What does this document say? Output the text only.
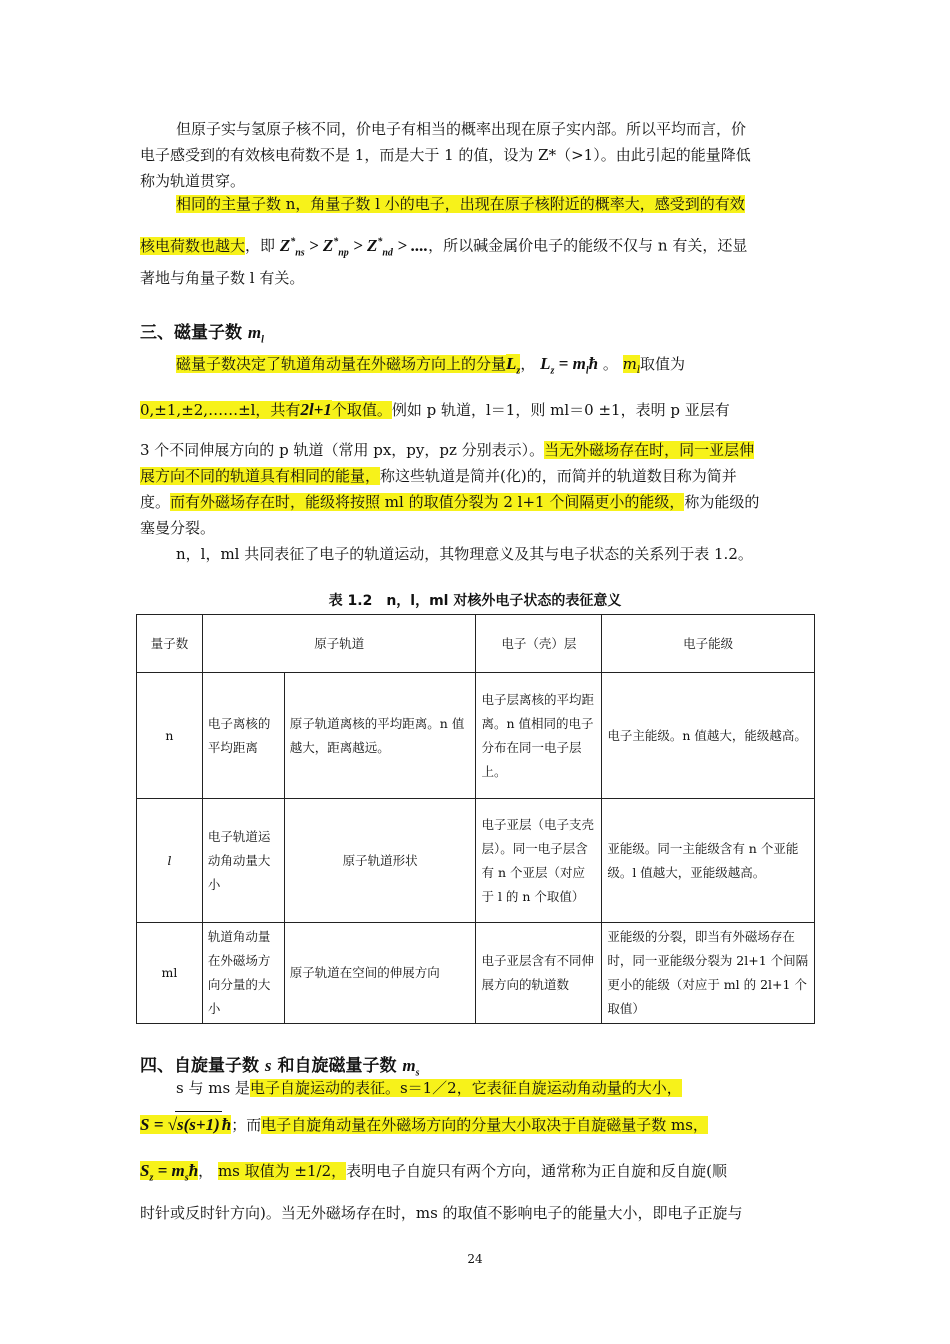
但原子实与氢原子核不同，价电子有相当的概率出现在原子实内部。所以平均而言，价
电子感受到的有效核电荷数不是 1，而是大于 1 的值，设为 Z*（>1）。由此引起的能量降低
称为轨道贯穿。
相同的主量子数 n，角量子数 l 小的电子，出现在原子核附近的概率大，感受到的有效
核电荷数也越大，即 $Z^*_{ns} > Z^*_{np} > Z^*_{nd}$ > ....，所以碱金属价电子的能级不仅与 n 有关，还显
著地与角量子数 l 有关。
三、磁量子数 $m_l$
磁量子数决定了轨道角动量在外磁场方向上的分量$L_z$， $L_z$ = $m_lħ$ 。 $m_l$取值为
0,±1,±2,……±l，共有2l+1个取值。例如 p 轨道，l＝1，则 ml＝0 ±1，表明 p 亚层有
3 个不同伸展方向的 p 轨道（常用 px，py，pz 分别表示）。当无外磁场存在时，同一亚层伸
展方向不同的轨道具有相同的能量，称这些轨道是简并(化)的，而简并的轨道数目称为简并
度。而有外磁场存在时，能级将按照 ml 的取值分裂为 2 l+1 个间隔更小的能级，称为能级的
塞曼分裂。
n，l，ml 共同表征了电子的轨道运动，其物理意义及其与电子状态的关系列于表 1.2。
表 1.2　n，l，ml 对核外电子状态的表征意义
量子数	原子轨道		电子（壳）层	电子能级
n	电子离核的平均距离	原子轨道离核的平均距离。n 值越大，距离越远。	电子层离核的平均距离。n 值相同的电子分布在同一电子层上。	电子主能级。n 值越大，能级越高。
l	电子轨道运动角动量大小	原子轨道形状	电子亚层（电子支壳层）。同一电子层含有 n 个亚层（对应于 l 的 n 个取值）	亚能级。同一主能级含有 n 个亚能级。l 值越大，亚能级越高。
ml	轨道角动量在外磁场方向分量的大小	原子轨道在空间的伸展方向	电子亚层含有不同伸展方向的轨道数	亚能级的分裂，即当有外磁场存在时，同一亚能级分裂为 2l+1 个间隔更小的能级（对应于 ml 的 2l+1 个取值）
四、自旋量子数 s 和自旋磁量子数 $m_s$
s 与 ms 是电子自旋运动的表征。s＝1／2，它表征自旋运动角动量的大小，
S = √s(s+1) ħ；而电子自旋角动量在外磁场方向的分量大小取决于自旋磁量子数 ms，
$S_z$ = $m_sħ$， ms 取值为 ±1/2，表明电子自旋只有两个方向，通常称为正自旋和反自旋(顺
时针或反时针方向)。当无外磁场存在时，ms 的取值不影响电子的能量大小，即电子正旋与
24
